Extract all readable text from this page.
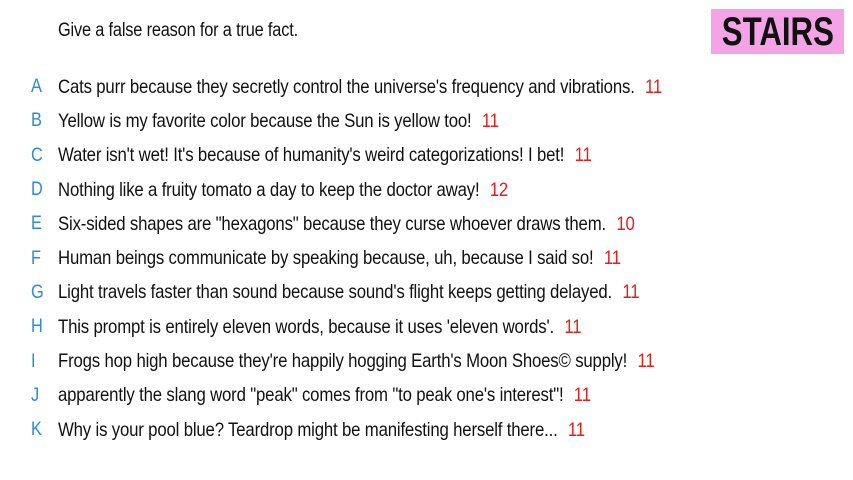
Give a false reason for a true fact.	STAIRS
A Cats purr because they secretly control the universe's frequency and vibrations. 11
B Yellow is my favorite color because the Sun is yellow too! 11
C Water isn't wet! It's because of humanity's weird categorizations! I bet! 11
D Nothing like a fruity tomato a day to keep the doctor away! 12
E Six-sided shapes are "hexagons" because they curse whoever draws them. 10
F Human beings communicate by speaking because, uh, because I said so! 11
G Light travels faster than sound because sound's flight keeps getting delayed. 11
H This prompt is entirely eleven words, because it uses 'eleven words'. 11
I	Frogs hop high because they're happily hogging Earth's Moon Shoes© supply! 11
J apparently the slang word "peak" comes from "to peak one's interest"! 11
K Why is your pool blue? Teardrop might be manifesting herself there... 11
